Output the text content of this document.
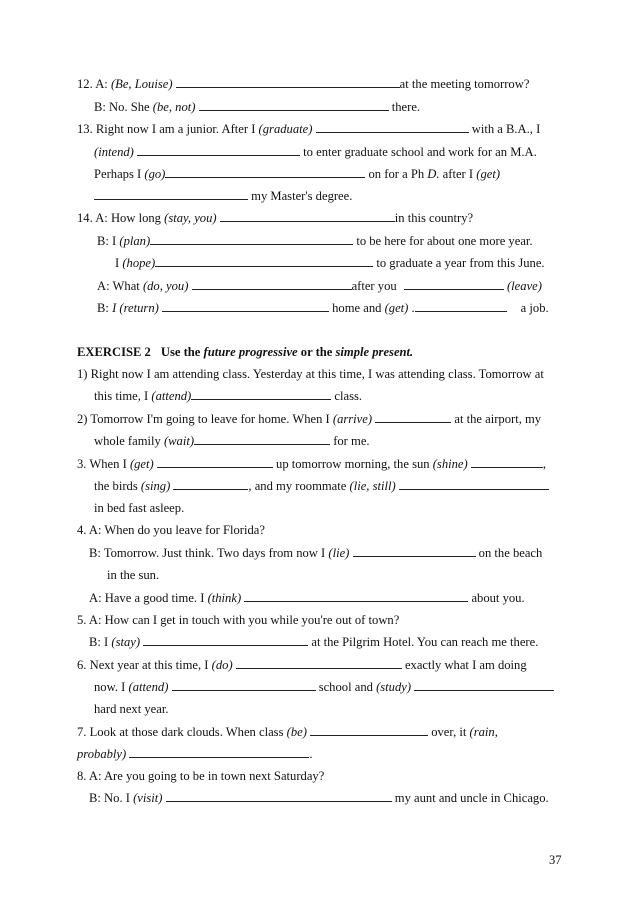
12. A: (Be, Louise)	at the meeting tomorrow?
B: No. She (be, not)	there.
13. Right now I am a junior. After I (graduate)	with a B.A., I
(intend)	to enter graduate school and work for an M.A.
Perhaps I (go)	on for a Ph D. after I (get)
my Master's degree.
14. A: How long (stay, you)	in this country?
B: I (plan)	to be here for about one more year.
I (hope)	to graduate a year from this June.
A: What (do, you)	after you	(leave)
B: I (return)	home and (get) .	a job.
EXERCISE 2 Use the future progressive or the simple present.
1) Right now I am attending class. Yesterday at this time, I was attending class. Tomorrow at
this time, I (attend)	class.
2) Tomorrow I'm going to leave for home. When I (arrive)	at the airport, my
whole family (wait)	for me.
3. When I (get)	up tomorrow morning, the sun (shine)	,
the birds (sing)	, and my roommate (lie, still)
in bed fast asleep.
4. A: When do you leave for Florida?
B: Tomorrow. Just think. Two days from now I (lie)	on the beach
in the sun.
A: Have a good time. I (think)	about you.
5. A: How can I get in touch with you while you're out of town?
B: I (stay)	at the Pilgrim Hotel. You can reach me there.
6. Next year at this time, I (do)	exactly what I am doing
now. I (attend)	school and (study)
hard next year.
7. Look at those dark clouds. When class (be)	over, it (rain,
probably)	.
8. A: Are you going to be in town next Saturday?
B: No. I (visit)	my aunt and uncle in Chicago.
37
